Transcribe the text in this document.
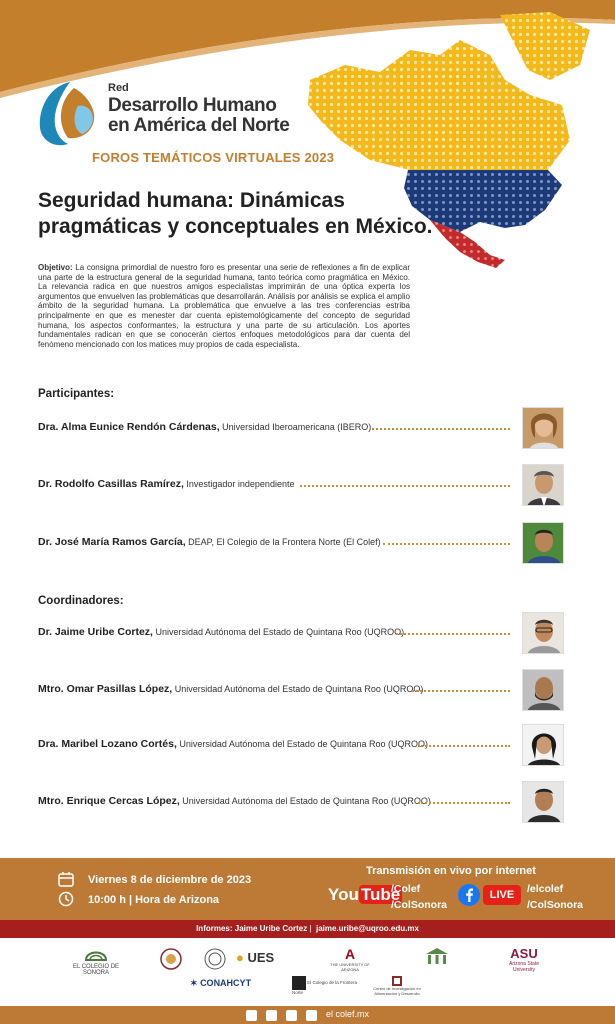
Red
Desarrollo Humano
en América del Norte
FOROS TEMÁTICOS VIRTUALES 2023
Seguridad humana: Dinámicas
pragmáticas y conceptuales en México.
Objetivo: La consigna primordial de nuestro foro es presentar una serie de reflexiones a fin de explicar una parte de la estructura general de la seguridad humana, tanto teórica como pragmática en México. La relevancia radica en que nuestros amigos especialistas imprimirán de una óptica experta los argumentos que envuelven las problemáticas que desarrollarán. Análisis por análisis se explica el amplio ámbito de la seguridad humana. La problemática que envuelve a las tres conferencias estriba principalmente en que es menester dar cuenta epistemológicamente del concepto de seguridad humana, los aspectos conformantes, la estructura y una parte de su articulación. Los aportes fundamentales radican en que se conocerán ciertos enfoques metodológicos para dar cuenta del fenómeno mencionado con los matices muy propios de cada especialista.
Participantes:
Dra. Alma Eunice Rendón Cárdenas, Universidad Iberoamericana (IBERO)
Dr. Rodolfo Casillas Ramírez, Investigador independiente
Dr. José María Ramos García, DEAP, El Colegio de la Frontera Norte (El Colef)
Coordinadores:
Dr. Jaime Uribe Cortez, Universidad Autónoma del Estado de Quintana Roo (UQROO)
Mtro. Omar Pasillas López, Universidad Autónoma del Estado de Quintana Roo (UQROO)
Dra. Maribel Lozano Cortés, Universidad Autónoma del Estado de Quintana Roo (UQROO)
Mtro. Enrique Cercas López, Universidad Autónoma del Estado de Quintana Roo (UQROO)
Viernes 8 de diciembre de 2023
10:00 h | Hora de Arizona
Transmisión en vivo por internet
You Tube
/Colef
/ColSonora
LIVE	/elcolef
/ColSonora
Informes: Jaime Uribe Cortez |  jaime.uribe@uqroo.edu.mx
EL COLEGIO DE SONORA
● UES	A
THE UNIVERSITY OF ARIZONA
ASU
Arizona State University
✶ CONAHCYT	El Colegio de la Frontera Norte
Centro de Investigación en Alimentación y Desarrollo
el colef.mx
